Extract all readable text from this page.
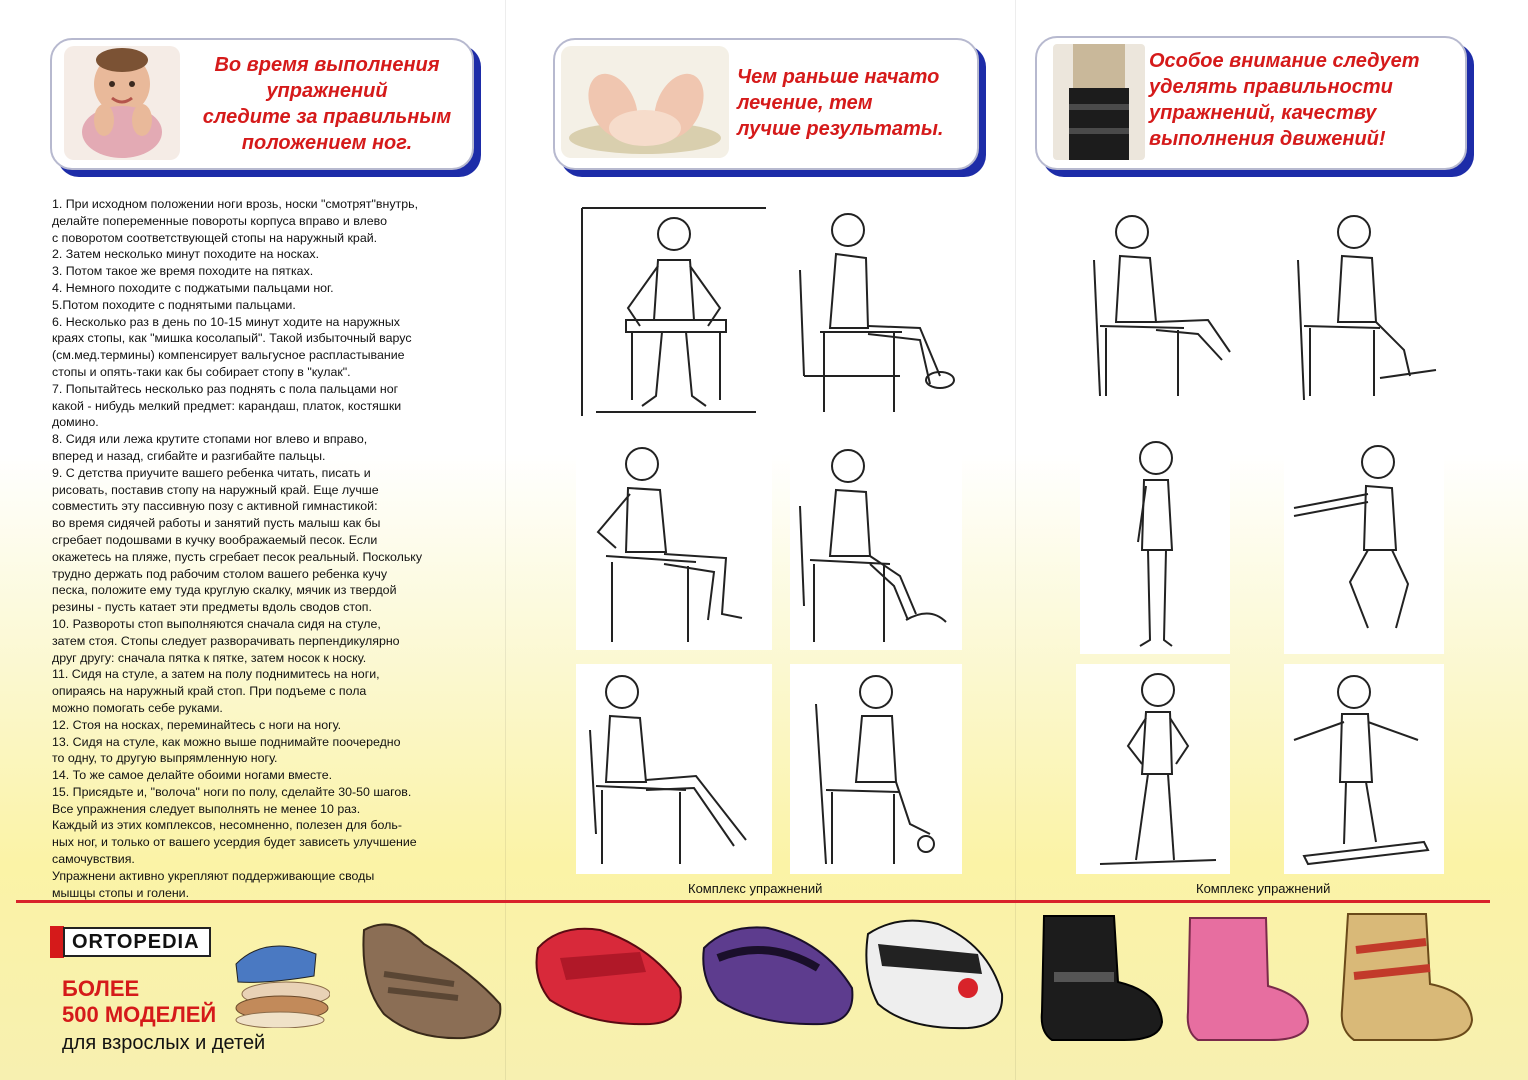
Во время выполнения
упражнений
следите за правильным
положением ног.
Чем раньше начато
лечение, тем
лучше результаты.
Особое внимание следует
уделять правильности
упражнений, качеству
выполнения движений!
1. При исходном положении ноги врозь, носки "смотрят"внутрь,
делайте попеременные повороты корпуса вправо и влево
с поворотом соответствующей стопы на наружный край.
2. Затем несколько минут походите на носках.
3. Потом такое же время походите на пятках.
4. Немного походите с поджатыми пальцами ног.
5.Потом походите с поднятыми пальцами.
6. Несколько раз в день по 10-15 минут ходите на наружных
краях стопы, как "мишка косолапый". Такой избыточный варус
(см.мед.термины) компенсирует вальгусное распластывание
стопы и опять-таки как бы собирает стопу в "кулак".
7. Попытайтесь несколько раз поднять с пола пальцами ног
какой - нибудь мелкий предмет: карандаш, платок, костяшки
домино.
8. Сидя или лежа крутите стопами ног влево и вправо,
вперед и назад, сгибайте и разгибайте пальцы.
9. С детства приучите вашего ребенка читать, писать и
рисовать, поставив стопу на наружный край. Еще лучше
совместить эту пассивную позу с активной гимнастикой:
во время сидячей работы и занятий пусть малыш как бы
сгребает подошвами в кучку воображаемый песок. Если
окажетесь на пляже, пусть сгребает песок реальный. Поскольку
трудно держать под рабочим столом вашего ребенка кучу
песка, положите ему туда круглую скалку, мячик из твердой
резины - пусть катает эти предметы вдоль сводов стоп.
10. Развороты стоп выполняются сначала сидя на стуле,
затем стоя. Стопы следует разворачивать перпендикулярно
друг другу: сначала пятка к пятке, затем носок к носку.
11. Сидя на стуле, а затем на полу поднимитесь на ноги,
опираясь на наружный край стоп. При подъеме с пола
можно помогать себе руками.
12. Стоя на носках, переминайтесь с ноги на ногу.
13. Сидя на стуле, как можно выше поднимайте поочередно
то одну, то другую выпрямленную ногу.
14. То же самое делайте обоими ногами вместе.
15. Присядьте и, "волоча" ноги по полу, сделайте 30-50 шагов.
Все упражнения следует выполнять не менее 10 раз.
Каждый из этих комплексов, несомненно, полезен для боль-
ных ног, и только от вашего усердия будет зависеть улучшение
самочувствия.
Упражнени активно укрепляют поддерживающие своды
мышцы стопы и голени.	Комплекс упражнений	Комплекс упражнений
ORTOPEDIA
БОЛЕЕ
500 МОДЕЛЕЙ
для взрослых и детей
